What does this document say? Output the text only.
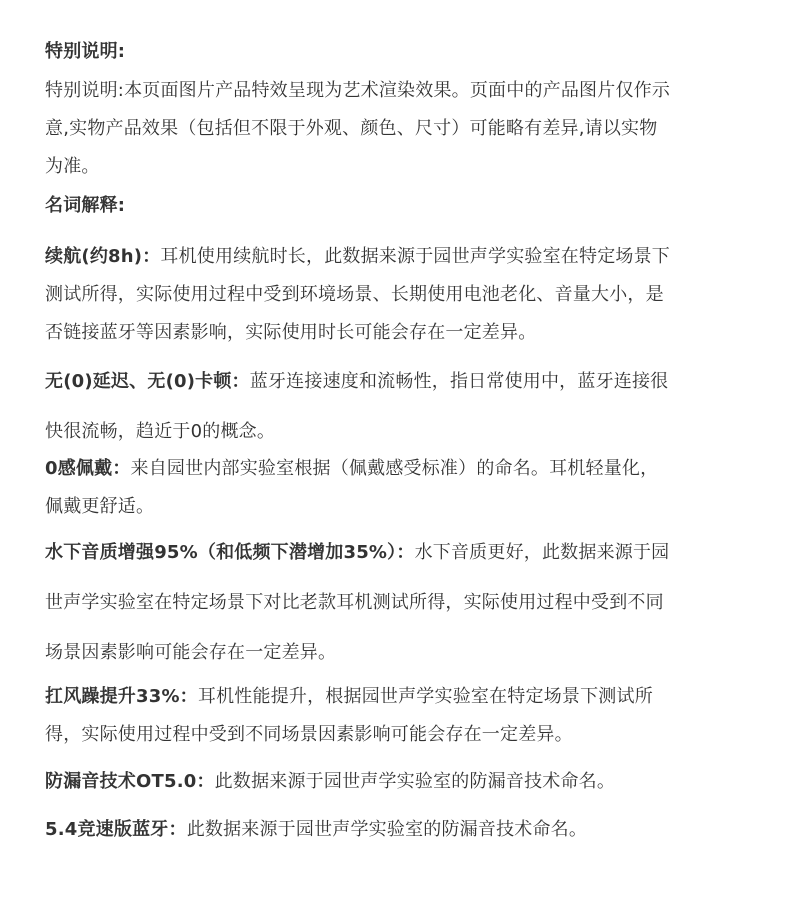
特别说明:
特别说明:本页面图片产品特效呈现为艺术渲染效果。页面中的产品图片仅作示
意,实物产品效果（包括但不限于外观、颜色、尺寸）可能略有差异,请以实物
为准。
名词解释:
续航(约8h)：耳机使用续航时长，此数据来源于园世声学实验室在特定场景下
测试所得，实际使用过程中受到环境场景、长期使用电池老化、音量大小，是
否链接蓝牙等因素影响，实际使用时长可能会存在一定差异。
无(0)延迟、无(0)卡顿：蓝牙连接速度和流畅性，指日常使用中，蓝牙连接很
快很流畅，趋近于0的概念。
0感佩戴：来自园世内部实验室根据（佩戴感受标准）的命名。耳机轻量化，
佩戴更舒适。
水下音质增强95%（和低频下潜增加35%）：水下音质更好，此数据来源于园
世声学实验室在特定场景下对比老款耳机测试所得，实际使用过程中受到不同
场景因素影响可能会存在一定差异。
扛风躁提升33%：耳机性能提升，根据园世声学实验室在特定场景下测试所
得，实际使用过程中受到不同场景因素影响可能会存在一定差异。
防漏音技术OT5.0：此数据来源于园世声学实验室的防漏音技术命名。
5.4竞速版蓝牙：此数据来源于园世声学实验室的防漏音技术命名。
